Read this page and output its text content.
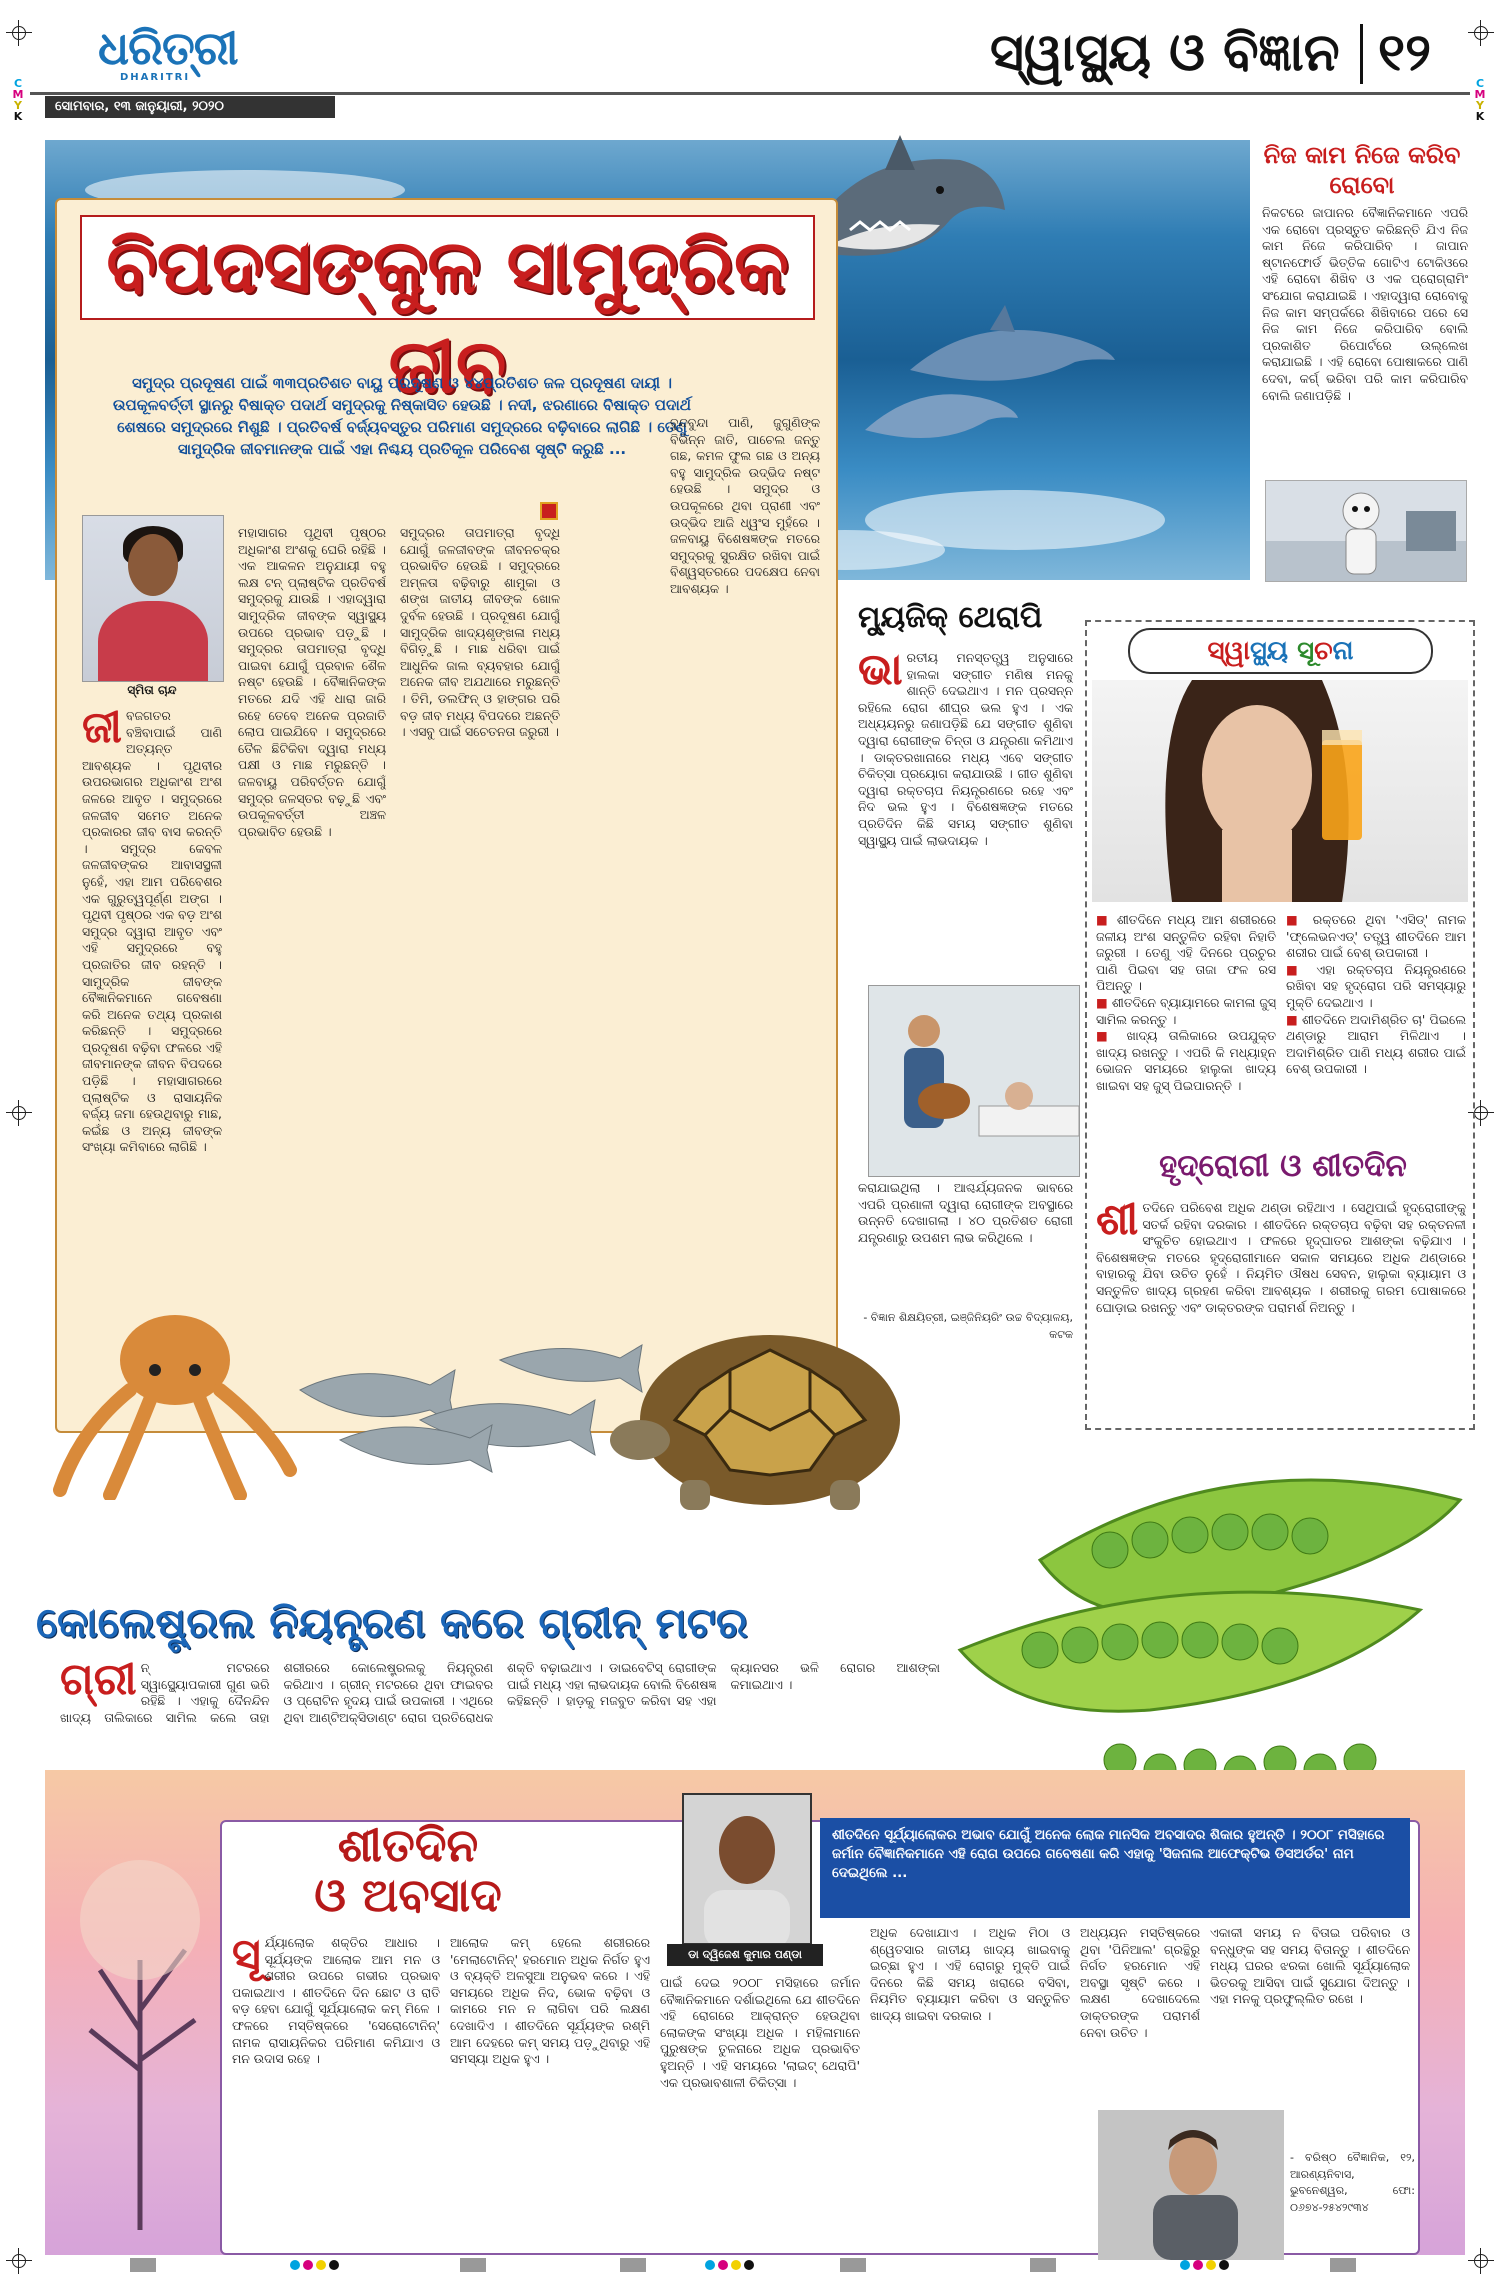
C
M
Y
K
C
M
Y
K
ଧରିତ୍ରୀ
DHARITRI
ସୋମବାର, ୧୩ ଜାନୁୟାରୀ, ୨୦୨୦
ସ୍ୱାସ୍ଥ୍ୟ ଓ ବିଜ୍ଞାନ ୧୨
ବିପଦସଙ୍କୁଳ ସାମୁଦ୍ରିକ ଜୀବ
ସମୁଦ୍ର ପ୍ରଦୂଷଣ ପାଇଁ ୩୩ପ୍ରତିଶତ ବାୟୁ ପ୍ରଦୂଷଣ ଓ ୪୪ପ୍ରତିଶତ ଜଳ ପ୍ରଦୂଷଣ ଦାୟୀ । ଉପକୂଳବର୍ତ୍ତୀ ସ୍ଥାନରୁ ବିଷାକ୍ତ ପଦାର୍ଥ ସମୁଦ୍ରକୁ ନିଷ୍କାସିତ ହେଉଛି । ନଦୀ, ଝରଣାରେ ବିଷାକ୍ତ ପଦାର୍ଥ ଶେଷରେ ସମୁଦ୍ରରେ ମିଶୁଛି । ପ୍ରତିବର୍ଷ ବର୍ଜ୍ୟବସ୍ତୁର ପରିମାଣ ସମୁଦ୍ରରେ ବଢ଼ିବାରେ ଲାଗିଛି । ତେଣୁ ସାମୁଦ୍ରିକ ଜୀବମାନଙ୍କ ପାଇଁ ଏହା ନିଶ୍ଚୟ ପ୍ରତିକୂଳ ପରିବେଶ ସୃଷ୍ଟି କରୁଛି ...
ସ୍ମିତା ଚାନ୍ଦ
ଜୀବଜଗତର ବଞ୍ଚିବାପାଇଁ ପାଣି ଅତ୍ୟନ୍ତ ଆବଶ୍ୟକ । ପୃଥିବୀର ଉପରଭାଗର ଅଧିକାଂଶ ଅଂଶ ଜଳରେ ଆବୃତ । ସମୁଦ୍ରରେ ଜଳଜୀବ ସମେତ ଅନେକ ପ୍ରକାରର ଜୀବ ବାସ କରନ୍ତି । ସମୁଦ୍ର କେବଳ ଜଳଜୀବଙ୍କର ଆବାସସ୍ଥଳୀ ନୁହେଁ, ଏହା ଆମ ପରିବେଶର ଏକ ଗୁରୁତ୍ୱପୂର୍ଣ୍ଣ ଅଙ୍ଗ । ପୃଥିବୀ ପୃଷ୍ଠର ଏକ ବଡ଼ ଅଂଶ ସମୁଦ୍ର ଦ୍ୱାରା ଆବୃତ ଏବଂ ଏହି ସମୁଦ୍ରରେ ବହୁ ପ୍ରଜାତିର ଜୀବ ରହନ୍ତି । ସାମୁଦ୍ରିକ ଜୀବଙ୍କ ବୈଜ୍ଞାନିକମାନେ ଗବେଷଣା କରି ଅନେକ ତଥ୍ୟ ପ୍ରକାଶ କରିଛନ୍ତି । ସମୁଦ୍ରରେ ପ୍ରଦୂଷଣ ବଢ଼ିବା ଫଳରେ ଏହି ଜୀବମାନଙ୍କ ଜୀବନ ବିପଦରେ ପଡ଼ିଛି । ମହାସାଗରରେ ପ୍ଲାଷ୍ଟିକ ଓ ରାସାୟନିକ ବର୍ଜ୍ୟ ଜମା ହେଉଥିବାରୁ ମାଛ, କଇଁଛ ଓ ଅନ୍ୟ ଜୀବଙ୍କ ସଂଖ୍ୟା କମିବାରେ ଲାଗିଛି ।
ମହାସାଗର ପୃଥିବୀ ପୃଷ୍ଠର ଅଧିକାଂଶ ଅଂଶକୁ ଘେରି ରହିଛି । ଏକ ଆକଳନ ଅନୁଯାୟୀ ବହୁ ଲକ୍ଷ ଟନ୍ ପ୍ଲାଷ୍ଟିକ ପ୍ରତିବର୍ଷ ସମୁଦ୍ରକୁ ଯାଉଛି । ଏହାଦ୍ୱାରା ସାମୁଦ୍ରିକ ଜୀବଙ୍କ ସ୍ୱାସ୍ଥ୍ୟ ଉପରେ ପ୍ରଭାବ ପଡ଼ୁଛି । ସମୁଦ୍ରର ତାପମାତ୍ରା ବୃଦ୍ଧି ପାଇବା ଯୋଗୁଁ ପ୍ରବାଳ ଶୈଳ ନଷ୍ଟ ହେଉଛି । ବୈଜ୍ଞାନିକଙ୍କ ମତରେ ଯଦି ଏହି ଧାରା ଜାରି ରହେ ତେବେ ଅନେକ ପ୍ରଜାତି ଲୋପ ପାଇଯିବେ । ସମୁଦ୍ରରେ ତୈଳ ଛିଟିକିବା ଦ୍ୱାରା ମଧ୍ୟ ପକ୍ଷୀ ଓ ମାଛ ମରୁଛନ୍ତି । ଜଳବାୟୁ ପରିବର୍ତ୍ତନ ଯୋଗୁଁ ସମୁଦ୍ର ଜଳସ୍ତର ବଢ଼ୁଛି ଏବଂ ଉପକୂଳବର୍ତ୍ତୀ ଅଞ୍ଚଳ ପ୍ରଭାବିତ ହେଉଛି ।
ସମୁଦ୍ରର ତାପମାତ୍ରା ବୃଦ୍ଧି ଯୋଗୁଁ ଜଳଜୀବଙ୍କ ଜୀବନଚକ୍ର ପ୍ରଭାବିତ ହେଉଛି । ସମୁଦ୍ରରେ ଅମ୍ଳତା ବଢ଼ିବାରୁ ଶାମୁକା ଓ ଶଙ୍ଖ ଜାତୀୟ ଜୀବଙ୍କ ଖୋଳ ଦୁର୍ବଳ ହେଉଛି । ପ୍ରଦୂଷଣ ଯୋଗୁଁ ସାମୁଦ୍ରିକ ଖାଦ୍ୟଶୃଙ୍ଖଳା ମଧ୍ୟ ବିଗିଡ଼ୁଛି । ମାଛ ଧରିବା ପାଇଁ ଆଧୁନିକ ଜାଲ ବ୍ୟବହାର ଯୋଗୁଁ ଅନେକ ଜୀବ ଅଯଥାରେ ମରୁଛନ୍ତି । ତିମି, ଡଲଫିନ୍ ଓ ହାଙ୍ଗର ପରି ବଡ଼ ଜୀବ ମଧ୍ୟ ବିପଦରେ ଅଛନ୍ତି । ଏସବୁ ପାଇଁ ସଚେତନତା ଜରୁରୀ ।
ବୁନ୍ଦବୁନ୍ଦା ପାଣି, ଜୁଗୁଣିଙ୍କ ବିଭିନ୍ନ ଜାତି, ପାଚେଲ ଜନ୍ତୁ ଗଛ, କମଳ ଫୁଲ ଗଛ ଓ ଅନ୍ୟ ବହୁ ସାମୁଦ୍ରିକ ଉଦ୍ଭିଦ ନଷ୍ଟ ହେଉଛି । ସମୁଦ୍ର ଓ ଉପକୂଳରେ ଥିବା ପ୍ରାଣୀ ଏବଂ ଉଦ୍ଭିଦ ଆଜି ଧ୍ୱଂସ ମୁହଁରେ । ଜଳବାୟୁ ବିଶେଷଜ୍ଞଙ୍କ ମତରେ ସମୁଦ୍ରକୁ ସୁରକ୍ଷିତ ରଖିବା ପାଇଁ ବିଶ୍ୱସ୍ତରରେ ପଦକ୍ଷେପ ନେବା ଆବଶ୍ୟକ ।
ନିଜ କାମ ନିଜେ କରିବ ରୋବୋ
ନିକଟରେ ଜାପାନର ବୈଜ୍ଞାନିକମାନେ ଏପରି ଏକ ରୋବୋ ପ୍ରସ୍ତୁତ କରିଛନ୍ତି ଯିଏ ନିଜ କାମ ନିଜେ କରିପାରିବ । ଜାପାନ ଷ୍ଟାନଫୋର୍ଡ ଭିତ୍ତିକ ଗୋଟିଏ ଟୋକିଓରେ ଏହି ରୋବୋ ଶିଖିବ ଓ ଏକ ପ୍ରୋଗ୍ରାମିଂ ସଂଯୋଗ କରାଯାଇଛି । ଏହାଦ୍ୱାରା ରୋବୋକୁ ନିଜ କାମ ସମ୍ପର୍କରେ ଶିଖିବାରେ ପରେ ସେ ନିଜ କାମ ନିଜେ କରିପାରିବ ବୋଲି ପ୍ରକାଶିତ ରିପୋର୍ଟରେ ଉଲ୍ଲେଖ କରାଯାଇଛି । ଏହି ରୋବୋ ପୋଷାକରେ ପାଣି ଦେବା, କର୍ଗ୍ ଭରିବା ପରି କାମ କରିପାରିବ ବୋଲି ଜଣାପଡ଼ିଛି ।
ମ୍ୟୁଜିକ୍ ଥେରାପି
ଭାରତୀୟ ମନସ୍ତତ୍ତ୍ୱ ଅନୁସାରେ ହାଲକା ସଙ୍ଗୀତ ମଣିଷ ମନକୁ ଶାନ୍ତି ଦେଇଥାଏ । ମନ ପ୍ରସନ୍ନ ରହିଲେ ରୋଗ ଶୀଘ୍ର ଭଲ ହୁଏ । ଏକ ଅଧ୍ୟୟନରୁ ଜଣାପଡ଼ିଛି ଯେ ସଙ୍ଗୀତ ଶୁଣିବା ଦ୍ୱାରା ରୋଗୀଙ୍କ ଚିନ୍ତା ଓ ଯନ୍ତ୍ରଣା କମିଥାଏ । ଡାକ୍ତରଖାନାରେ ମଧ୍ୟ ଏବେ ସଙ୍ଗୀତ ଚିକିତ୍ସା ପ୍ରୟୋଗ କରାଯାଉଛି । ଗୀତ ଶୁଣିବା ଦ୍ୱାରା ରକ୍ତଚାପ ନିୟନ୍ତ୍ରଣରେ ରହେ ଏବଂ ନିଦ ଭଲ ହୁଏ । ବିଶେଷଜ୍ଞଙ୍କ ମତରେ ପ୍ରତିଦିନ କିଛି ସମୟ ସଙ୍ଗୀତ ଶୁଣିବା ସ୍ୱାସ୍ଥ୍ୟ ପାଇଁ ଲାଭଦାୟକ ।
କରାଯାଇଥିଲା । ଆଶ୍ଚର୍ଯ୍ୟଜନକ ଭାବରେ ଏପରି ପ୍ରଣାଳୀ ଦ୍ୱାରା ରୋଗୀଙ୍କ ଅବସ୍ଥାରେ ଉନ୍ନତି ଦେଖାଗଲା । ୪୦ ପ୍ରତିଶତ ରୋଗୀ ଯନ୍ତ୍ରଣାରୁ ଉପଶମ ଲାଭ କରିଥିଲେ ।
- ବିଜ୍ଞାନ ଶିକ୍ଷୟିତ୍ରୀ, ଇଞ୍ଜିନିୟରିଂ ଉଚ୍ଚ ବିଦ୍ୟାଳୟ, କଟକ
ସ୍ୱାସ୍ଥ୍ୟ ସୂଚନା
■ ଶୀତଦିନେ ମଧ୍ୟ ଆମ ଶରୀରରେ ଜଳୀୟ ଅଂଶ ସନ୍ତୁଳିତ ରହିବା ନିହାତି ଜରୁରୀ । ତେଣୁ ଏହି ଦିନରେ ପ୍ରଚୁର ପାଣି ପିଇବା ସହ ତାଜା ଫଳ ରସ ପିଅନ୍ତୁ ।
■ ଶୀତଦିନେ ବ୍ୟାୟାମରେ କାମଳା ଜୁସ୍ ସାମିଲ କରନ୍ତୁ ।
■ ଖାଦ୍ୟ ତାଲିକାରେ ଉପଯୁକ୍ତ ଖାଦ୍ୟ ରଖନ୍ତୁ । ଏପରି କି ମଧ୍ୟାହ୍ନ ଭୋଜନ ସମୟରେ ହାଲୁକା ଖାଦ୍ୟ ଖାଇବା ସହ ଜୁସ୍ ପିଇପାରନ୍ତି ।
■ ରକ୍ତରେ ଥିବା 'ଏସିଡ୍' ନାମକ 'ଫ୍ଲେଭନଏଡ୍' ତତ୍ତ୍ୱ ଶୀତଦିନେ ଆମ ଶରୀର ପାଇଁ ବେଶ୍ ଉପକାରୀ ।
■ ଏହା ରକ୍ତଚାପ ନିୟନ୍ତ୍ରଣରେ ରଖିବା ସହ ହୃଦ୍‌ରୋଗ ପରି ସମସ୍ୟାରୁ ମୁକ୍ତି ଦେଇଥାଏ ।
■ ଶୀତଦିନେ ଅଦାମିଶ୍ରିତ ଚା' ପିଇଲେ ଥଣ୍ଡାରୁ ଆରାମ ମିଳିଥାଏ । ଅଦାମିଶ୍ରିତ ପାଣି ମଧ୍ୟ ଶରୀର ପାଇଁ ବେଶ୍ ଉପକାରୀ ।
ହୃଦ୍‌ରୋଗୀ ଓ ଶୀତଦିନ
ଶୀତଦିନେ ପରିବେଶ ଅଧିକ ଥଣ୍ଡା ରହିଥାଏ । ସେଥିପାଇଁ ହୃଦ୍‌ରୋଗୀଙ୍କୁ ସତର୍କ ରହିବା ଦରକାର । ଶୀତଦିନେ ରକ୍ତଚାପ ବଢ଼ିବା ସହ ରକ୍ତନଳୀ ସଂକୁଚିତ ହୋଇଥାଏ । ଫଳରେ ହୃଦ୍‌ଘାତର ଆଶଙ୍କା ବଢ଼ିଯାଏ । ବିଶେଷଜ୍ଞଙ୍କ ମତରେ ହୃଦ୍‌ରୋଗୀମାନେ ସକାଳ ସମୟରେ ଅଧିକ ଥଣ୍ଡାରେ ବାହାରକୁ ଯିବା ଉଚିତ ନୁହେଁ । ନିୟମିତ ଔଷଧ ସେବନ, ହାଲୁକା ବ୍ୟାୟାମ ଓ ସନ୍ତୁଳିତ ଖାଦ୍ୟ ଗ୍ରହଣ କରିବା ଆବଶ୍ୟକ । ଶରୀରକୁ ଗରମ ପୋଷାକରେ ଘୋଡ଼ାଇ ରଖନ୍ତୁ ଏବଂ ଡାକ୍ତରଙ୍କ ପରାମର୍ଶ ନିଅନ୍ତୁ ।
କୋଲେଷ୍ଟ୍ରଲ ନିୟନ୍ତ୍ରଣ କରେ ଗ୍ରୀନ୍ ମଟର
ଗ୍ରୀ ନ୍ ମଟରରେ ସ୍ୱାସ୍ଥ୍ୟୋପକାରୀ ଗୁଣ ଭରି ରହିଛି । ଏହାକୁ ଦୈନନ୍ଦିନ ଖାଦ୍ୟ ତାଲିକାରେ ସାମିଲ କଲେ ତାହା ଶରୀରରେ କୋଲେଷ୍ଟ୍ରଲକୁ ନିୟନ୍ତ୍ରଣ କରିଥାଏ । ଗ୍ରୀନ୍ ମଟରରେ ଥିବା ଫାଇବର ଓ ପ୍ରୋଟିନ ହୃଦୟ ପାଇଁ ଉପକାରୀ । ଏଥିରେ ଥିବା ଆଣ୍ଟିଅକ୍ସିଡାଣ୍ଟ ରୋଗ ପ୍ରତିରୋଧକ ଶକ୍ତି ବଢ଼ାଇଥାଏ । ଡାଇବେଟିସ୍ ରୋଗୀଙ୍କ ପାଇଁ ମଧ୍ୟ ଏହା ଲାଭଦାୟକ ବୋଲି ବିଶେଷଜ୍ଞ କହିଛନ୍ତି । ହାଡ଼କୁ ମଜବୁତ କରିବା ସହ ଏହା କ୍ୟାନସର ଭଳି ରୋଗର ଆଶଙ୍କା କମାଇଥାଏ ।
ଶୀତଦିନ
ଓ ଅବସାଦ
ଡା ଦ୍ୱିଜେଶ କୁମାର ପଣ୍ଡା
ଶୀତଦିନେ ସୂର୍ଯ୍ୟାଲୋକର ଅଭାବ ଯୋଗୁଁ ଅନେକ ଲୋକ ମାନସିକ ଅବସାଦର ଶିକାର ହୁଅନ୍ତି । ୨୦୦୮ ମସିହାରେ ଜର୍ମାନ ବୈଜ୍ଞାନିକମାନେ ଏହି ରୋଗ ଉପରେ ଗବେଷଣା କରି ଏହାକୁ 'ସିଜନାଲ ଆଫେକ୍ଟିଭ ଡିସଅର୍ଡର' ନାମ ଦେଇଥିଲେ ...
ସୂର୍ଯ୍ୟାଲୋକ ଶକ୍ତିର ଆଧାର । ସୂର୍ଯ୍ୟଙ୍କ ଆଲୋକ ଆମ ମନ ଓ ଶରୀର ଉପରେ ଗଭୀର ପ୍ରଭାବ ପକାଇଥାଏ । ଶୀତଦିନେ ଦିନ ଛୋଟ ଓ ରାତି ବଡ଼ ହେବା ଯୋଗୁଁ ସୂର୍ଯ୍ୟାଲୋକ କମ୍ ମିଳେ । ଫଳରେ ମସ୍ତିଷ୍କରେ 'ସେରୋଟୋନିନ୍' ନାମକ ରାସାୟନିକର ପରିମାଣ କମିଯାଏ ଓ ମନ ଉଦାସ ରହେ ।
ଆଲୋକ କମ୍ ହେଲେ ଶରୀରରେ 'ମେଲାଟୋନିନ୍' ହରମୋନ ଅଧିକ ନିର୍ଗତ ହୁଏ ଓ ବ୍ୟକ୍ତି ଅଳସୁଆ ଅନୁଭବ କରେ । ଏହି ସମୟରେ ଅଧିକ ନିଦ, ଭୋକ ବଢ଼ିବା ଓ କାମରେ ମନ ନ ଲାଗିବା ପରି ଲକ୍ଷଣ ଦେଖାଦିଏ । ଶୀତଦିନେ ସୂର୍ଯ୍ୟଙ୍କ ରଶ୍ମି ଆମ ଦେହରେ କମ୍ ସମୟ ପଡ଼ୁଥିବାରୁ ଏହି ସମସ୍ୟା ଅଧିକ ହୁଏ ।
ପାଇଁ ଦେଇ ୨୦୦୮ ମସିହାରେ ଜର୍ମାନ ବୈଜ୍ଞାନିକମାନେ ଦର୍ଶାଇଥିଲେ ଯେ ଶୀତଦିନେ ଏହି ରୋଗରେ ଆକ୍ରାନ୍ତ ହେଉଥିବା ଲୋକଙ୍କ ସଂଖ୍ୟା ଅଧିକ । ମହିଳାମାନେ ପୁରୁଷଙ୍କ ତୁଳନାରେ ଅଧିକ ପ୍ରଭାବିତ ହୁଅନ୍ତି । ଏହି ସମୟରେ 'ଲାଇଟ୍ ଥେରାପି' ଏକ ପ୍ରଭାବଶାଳୀ ଚିକିତ୍ସା ।
ଅଧିକ ଦେଖାଯାଏ । ଅଧିକ ମିଠା ଓ ଶ୍ୱେତସାର ଜାତୀୟ ଖାଦ୍ୟ ଖାଇବାକୁ ଇଚ୍ଛା ହୁଏ । ଏହି ରୋଗରୁ ମୁକ୍ତି ପାଇଁ ଦିନରେ କିଛି ସମୟ ଖରାରେ ବସିବା, ନିୟମିତ ବ୍ୟାୟାମ କରିବା ଓ ସନ୍ତୁଳିତ ଖାଦ୍ୟ ଖାଇବା ଦରକାର ।
ଅଧ୍ୟୟନ ମସ୍ତିଷ୍କରେ ଥିବା 'ପିନିଆଲ' ଗ୍ରନ୍ଥିରୁ ନିର୍ଗତ ହରମୋନ ଏହି ଅବସ୍ଥା ସୃଷ୍ଟି କରେ । ଲକ୍ଷଣ ଦେଖାଦେଲେ ଡାକ୍ତରଙ୍କ ପରାମର୍ଶ ନେବା ଉଚିତ ।
ଏକାକୀ ସମୟ ନ ବିତାଇ ପରିବାର ଓ ବନ୍ଧୁଙ୍କ ସହ ସମୟ ବିତାନ୍ତୁ । ଶୀତଦିନେ ମଧ୍ୟ ଘରର ଝରକା ଖୋଲି ସୂର୍ଯ୍ୟାଲୋକ ଭିତରକୁ ଆସିବା ପାଇଁ ସୁଯୋଗ ଦିଅନ୍ତୁ । ଏହା ମନକୁ ପ୍ରଫୁଲ୍ଲିତ ରଖେ ।
- ବରିଷ୍ଠ ବୈଜ୍ଞାନିକ, ୧୨, ଆରଣ୍ୟନିବାସ, ଭୁବନେଶ୍ୱର, ଫୋ: ୦୬୭୪-୨୫୪୨୯୩୪
